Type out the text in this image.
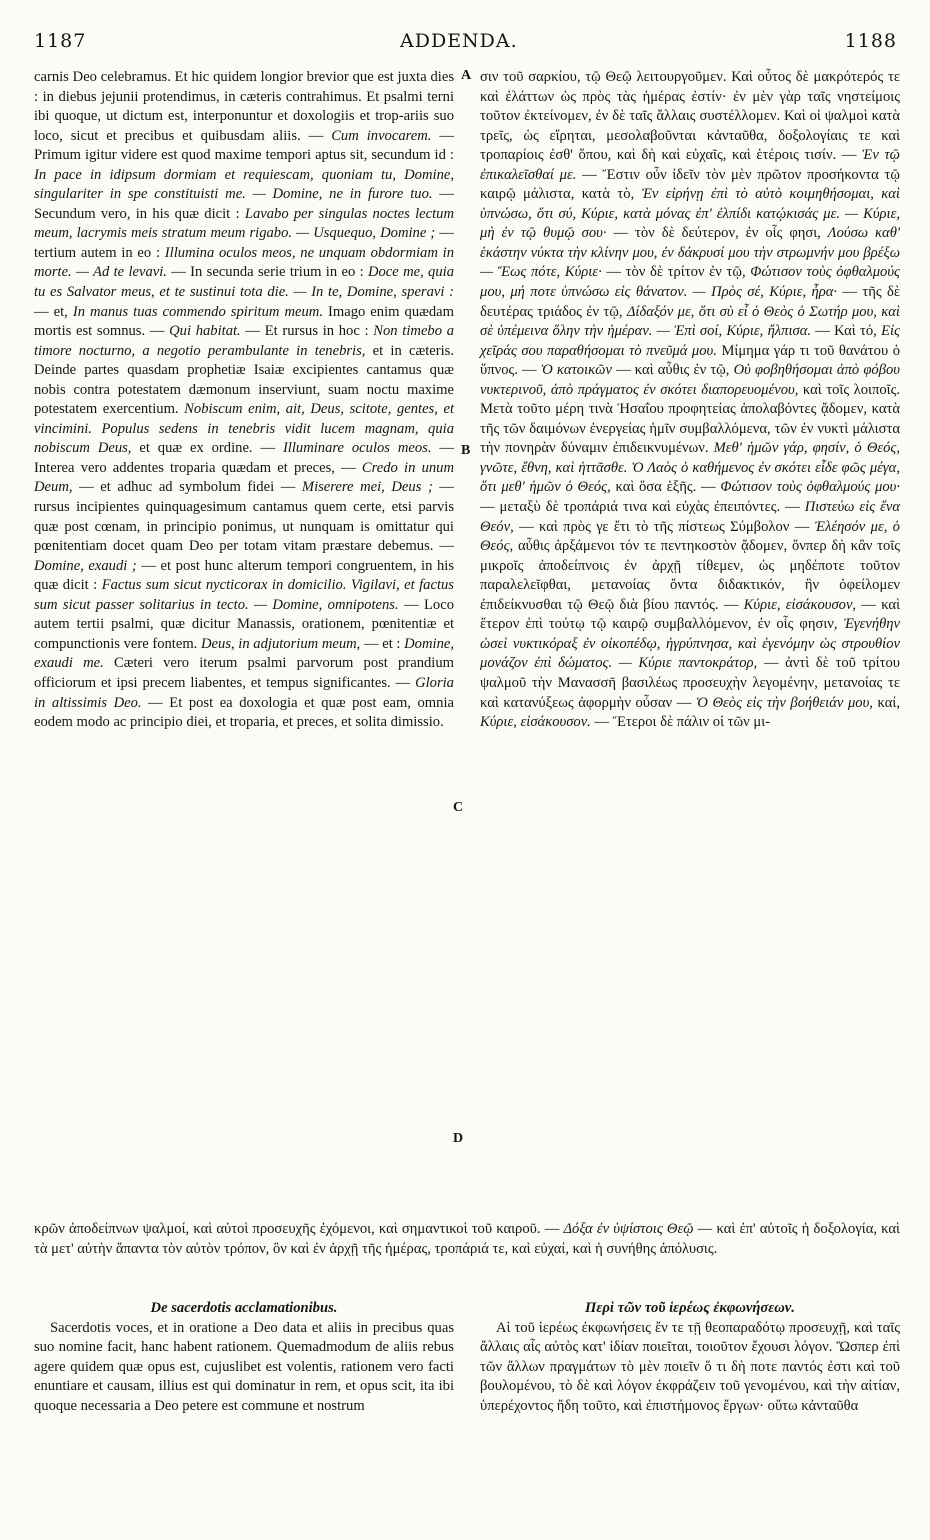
1187	ADDENDA.	1188
A
B
C
D

carnis Deo celebramus. Et hic quidem longior brevior que est juxta dies : in diebus jejunii protendimus, in cæteris contrahimus. Et psalmi terni ibi quoque, ut dictum est, interponuntur et doxologiis et trop-ariis suo loco, sicut et precibus et quibusdam aliis. — Cum invocarem. — Primum igitur videre est quod maxime tempori aptus sit, secundum id : In pace in idipsum dormiam et requiescam, quoniam tu, Domine, singulariter in spe constituisti me. — Domine, ne in furore tuo. — Secundum vero, in his quæ dicit : Lavabo per singulas noctes lectum meum, lacrymis meis stratum meum rigabo. — Usquequo, Domine ; — tertium autem in eo : Illumina oculos meos, ne unquam obdormiam in morte. — Ad te levavi. — In secunda serie trium in eo : Doce me, quia tu es Salvator meus, et te sustinui tota die. — In te, Domine, speravi : — et, In manus tuas commendo spiritum meum. Imago enim quædam mortis est somnus. — Qui habitat. — Et rursus in hoc : Non timebo a timore nocturno, a negotio perambulante in tenebris, et in cæteris. Deinde partes quasdam prophetiæ Isaiæ excipientes cantamus quæ nobis contra potestatem dæmonum inserviunt, suam noctu maxime potestatem exercentium. Nobiscum enim, ait, Deus, scitote, gentes, et vincimini. Populus sedens in tenebris vidit lucem magnam, quia nobiscum Deus, et quæ ex ordine. — Illuminare oculos meos. — Interea vero addentes troparia quædam et preces, — Credo in unum Deum, — et adhuc ad symbolum fidei — Miserere mei, Deus ; — rursus incipientes quinquagesimum cantamus quem certe, etsi parvis quæ post cœnam, in principio ponimus, ut nunquam is omittatur qui pœnitentiam docet quam Deo per totam vitam præstare debemus. — Domine, exaudi ; — et post hunc alterum tempori congruentem, in his quæ dicit : Factus sum sicut nycticorax in domicilio. Vigilavi, et factus sum sicut passer solitarius in tecto. — Domine, omnipotens. — Loco autem tertii psalmi, quæ dicitur Manassis, orationem, pœnitentiæ et compunctionis vere fontem. Deus, in adjutorium meum, — et : Domine, exaudi me. Cæteri vero iterum psalmi parvorum post prandium officiorum et ipsi precem liabentes, et tempus significantes. — Gloria in altissimis Deo. — Et post ea doxologia et quæ post eam, omnia eodem modo ac principio diei, et troparia, et preces, et solita dimissio.

σιν τοῦ σαρκίου, τῷ Θεῷ λειτουργοῦμεν. Καὶ οὗτος δὲ μακρότερός τε καὶ ἐλάττων ὡς πρὸς τὰς ἡμέρας ἐστίν· ἐν μὲν γὰρ ταῖς νηστείμοις τοῦτον ἐκτείνομεν, ἐν δὲ ταῖς ἄλλαις συστέλλομεν. Καὶ οἱ ψαλμοὶ κατὰ τρεῖς, ὡς εἴρηται, μεσολαβοῦνται κἀνταῦθα, δοξολογίαις τε καὶ τροπαρίοις ἐσθ' ὅπου, καὶ δὴ καὶ εὐχαῖς, καὶ ἑτέροις τισίν. — Ἐν τῷ ἐπικαλεῖσθαί με. — Ἔστιν οὖν ἰδεῖν τὸν μὲν πρῶτον προσήκοντα τῷ καιρῷ μάλιστα, κατὰ τὸ, Ἐν εἰρήνῃ ἐπὶ τὸ αὐτὸ κοιμηθήσομαι, καὶ ὑπνώσω, ὅτι σύ, Κύριε, κατὰ μόνας ἐπ' ἐλπίδι κατῴκισάς με. — Κύριε, μὴ ἐν τῷ θυμῷ σου· — τὸν δὲ δεύτερον, ἐν οἷς φησι, Λούσω καθ' ἑκάστην νύκτα τὴν κλίνην μου, ἐν δάκρυσί μου τὴν στρωμνήν μου βρέξω — Ἕως πότε, Κύριε· — τὸν δὲ τρίτον ἐν τῷ, Φώτισον τοὺς ὀφθαλμούς μου, μή ποτε ὑπνώσω εἰς θάνατον. — Πρὸς σέ, Κύριε, ἦρα· — τῆς δὲ δευτέρας τριάδος ἐν τῷ, Δίδαξόν με, ὅτι σὺ εἶ ὁ Θεὸς ὁ Σωτήρ μου, καὶ σὲ ὑπέμεινα ὅλην τὴν ἡμέραν. — Ἐπὶ σοί, Κύριε, ἤλπισα. — Καὶ τό, Εἰς χεῖράς σου παραθήσομαι τὸ πνεῦμά μου. Μίμημα γάρ τι τοῦ θανάτου ὁ ὕπνος. — Ὁ κατοικῶν — καὶ αὖθις ἐν τῷ, Οὐ φοβηθήσομαι ἀπὸ φόβου νυκτερινοῦ, ἀπὸ πράγματος ἐν σκότει διαπορευομένου, καὶ τοῖς λοιποῖς. Μετὰ τοῦτο μέρη τινὰ Ἡσαΐου προφητείας ἀπολαβόντες ᾄδομεν, κατὰ τῆς τῶν δαιμόνων ἐνεργείας ἡμῖν συμβαλλόμενα, τῶν ἐν νυκτὶ μάλιστα τὴν πονηρὰν δύναμιν ἐπιδεικνυμένων. Μεθ' ἡμῶν γάρ, φησίν, ὁ Θεός, γνῶτε, ἔθνη, καὶ ἡττᾶσθε. Ὁ Λαὸς ὁ καθήμενος ἐν σκότει εἶδε φῶς μέγα, ὅτι μεθ' ἡμῶν ὁ Θεός, καὶ ὅσα ἑξῆς. — Φώτισον τοὺς ὀφθαλμούς μου· — μεταξὺ δὲ τροπάριά τινα καὶ εὐχὰς ἐπειπόντες. — Πιστεύω εἰς ἕνα Θεόν, — καὶ πρὸς γε ἔτι τὸ τῆς πίστεως Σύμβολον — Ἐλέησόν με, ὁ Θεός, αὖθις ἀρξάμενοι τόν τε πεντηκοστὸν ᾄδομεν, ὅνπερ δὴ κἂν τοῖς μικροῖς ἀποδείπνοις ἐν ἀρχῇ τίθεμεν, ὡς μηδέποτε τοῦτον παραλελεῖφθαι, μετανοίας ὄντα διδακτικόν, ἣν ὀφείλομεν ἐπιδείκνυσθαι τῷ Θεῷ διὰ βίου παντός. — Κύριε, εἰσάκουσον, — καὶ ἕτερον ἐπὶ τούτῳ τῷ καιρῷ συμβαλλόμενον, ἐν οἷς φησιν, Ἐγενήθην ὡσεὶ νυκτικόραξ ἐν οἰκοπέδῳ, ἠγρύπνησα, καὶ ἐγενόμην ὡς στρουθίον μονάζον ἐπὶ δώματος. — Κύριε παντοκράτορ, — ἀντὶ δὲ τοῦ τρίτου ψαλμοῦ τὴν Μανασσῆ βασιλέως προσευχὴν λεγομένην, μετανοίας τε καὶ κατανύξεως ἀφορμὴν οὖσαν — Ὁ Θεὸς εἰς τὴν βοήθειάν μου, καί, Κύριε, εἰσάκουσον. — Ἕτεροι δὲ πάλιν οἱ τῶν μι-

κρῶν ἀποδείπνων ψαλμοί, καὶ αὐτοὶ προσευχῆς ἐχόμενοι, καὶ σημαντικοὶ τοῦ καιροῦ. — Δόξα ἐν ὑψίστοις Θεῷ — καὶ ἐπ' αὐτοῖς ἡ δοξολογία, καὶ τὰ μετ' αὐτὴν ἅπαντα τὸν αὐτὸν τρόπον, ὃν καὶ ἐν ἀρχῇ τῆς ἡμέρας, τροπάριά τε, καὶ εὐχαί, καὶ ἡ συνήθης ἀπόλυσις.

De sacerdotis acclamationibus.

Sacerdotis voces, et in oratione a Deo data et aliis in precibus quas suo nomine facit, hanc habent rationem. Quemadmodum de aliis rebus agere quidem quæ opus est, cujuslibet est volentis, rationem vero facti enuntiare et causam, illius est qui dominatur in rem, et opus scit, ita ibi quoque necessaria a Deo petere est commune et nostrum

Περὶ τῶν τοῦ ἱερέως ἐκφωνήσεων.

Αἱ τοῦ ἱερέως ἐκφωνήσεις ἔν τε τῇ θεοπαραδότῳ προσευχῇ, καὶ ταῖς ἄλλαις αἷς αὐτὸς κατ' ἰδίαν ποιεῖται, τοιοῦτον ἔχουσι λόγον. Ὥσπερ ἐπὶ τῶν ἄλλων πραγμάτων τὸ μὲν ποιεῖν ὅ τι δὴ ποτε παντός ἐστι καὶ τοῦ βουλομένου, τὸ δὲ καὶ λόγον ἐκφράζειν τοῦ γενομένου, καὶ τὴν αἰτίαν, ὑπερέχοντος ἤδη τοῦτο, καὶ ἐπιστήμονος ἔργων· οὕτω κἀνταῦθα
